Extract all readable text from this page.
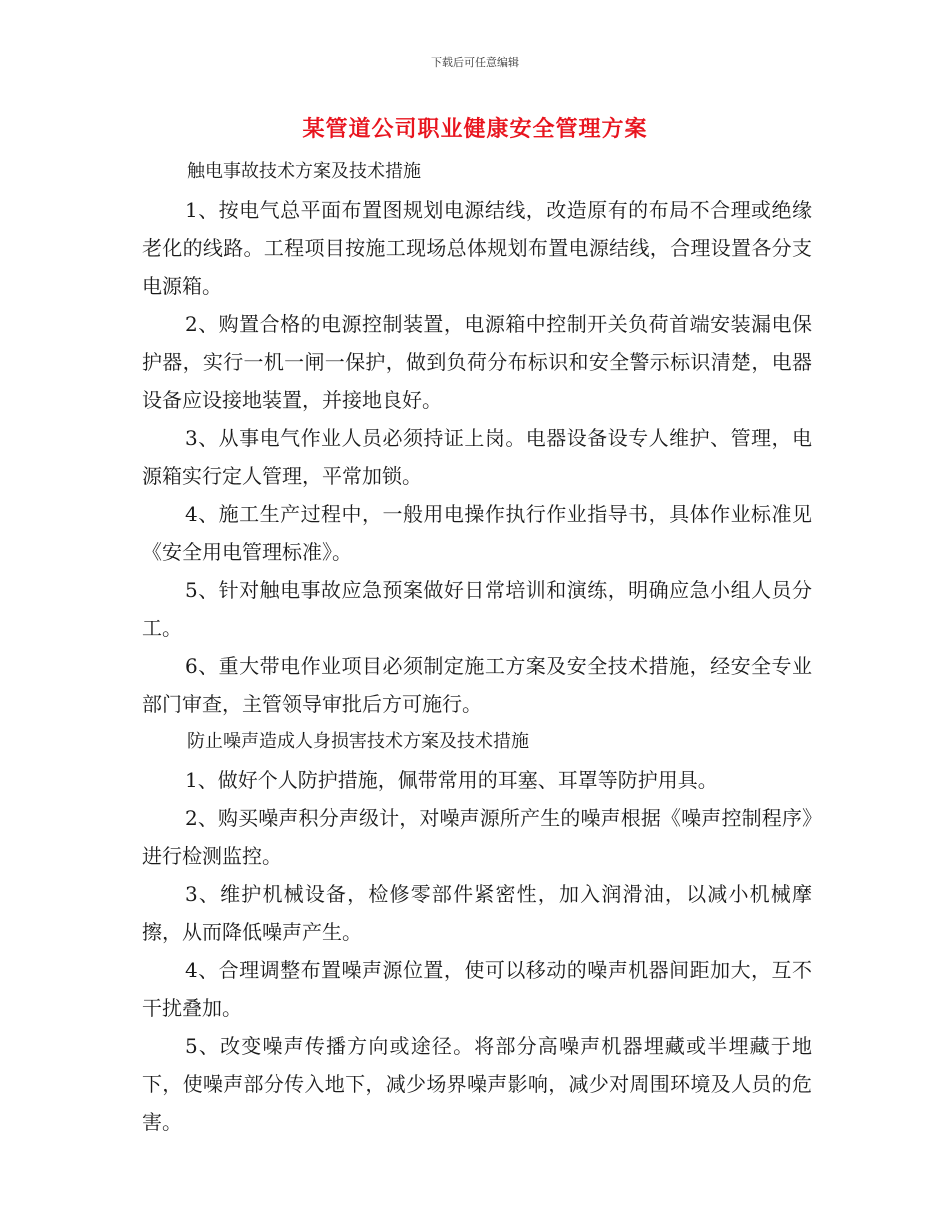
下载后可任意编辑
某管道公司职业健康安全管理方案

触电事故技术方案及技术措施

1、按电气总平面布置图规划电源结线，改造原有的布局不合理或绝缘老化的线路。工程项目按施工现场总体规划布置电源结线，合理设置各分支电源箱。

2、购置合格的电源控制装置，电源箱中控制开关负荷首端安装漏电保护器，实行一机一闸一保护，做到负荷分布标识和安全警示标识清楚，电器设备应设接地装置，并接地良好。

3、从事电气作业人员必须持证上岗。电器设备设专人维护、管理，电源箱实行定人管理，平常加锁。

4、施工生产过程中，一般用电操作执行作业指导书，具体作业标准见《安全用电管理标准》。

5、针对触电事故应急预案做好日常培训和演练，明确应急小组人员分工。

6、重大带电作业项目必须制定施工方案及安全技术措施，经安全专业部门审查，主管领导审批后方可施行。

防止噪声造成人身损害技术方案及技术措施

1、做好个人防护措施，佩带常用的耳塞、耳罩等防护用具。

2、购买噪声积分声级计，对噪声源所产生的噪声根据《噪声控制程序》进行检测监控。

3、维护机械设备，检修零部件紧密性，加入润滑油，以减小机械摩擦，从而降低噪声产生。

4、合理调整布置噪声源位置，使可以移动的噪声机器间距加大，互不干扰叠加。

5、改变噪声传播方向或途径。将部分高噪声机器埋藏或半埋藏于地下，使噪声部分传入地下，减少场界噪声影响，减少对周围环境及人员的危害。
